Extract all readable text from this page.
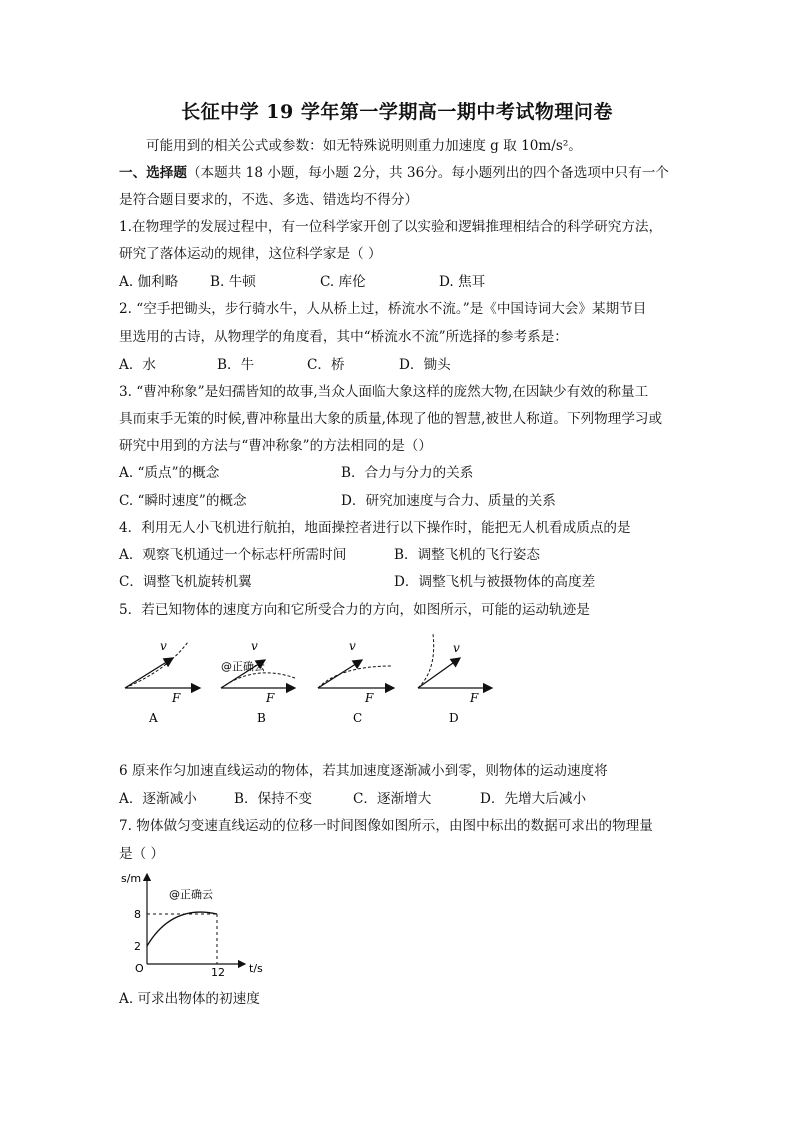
长征中学 19 学年第一学期高一期中考试物理问卷
可能用到的相关公式或参数：如无特殊说明则重力加速度 g 取 10m/s²。
一、选择题（本题共 18 小题，每小题 2分，共 36分。每小题列出的四个备选项中只有一个
是符合题目要求的，不选、多选、错选均不得分）
1.在物理学的发展过程中，有一位科学家开创了以实验和逻辑推理相结合的科学研究方法，
研究了落体运动的规律，这位科学家是（ ）
A. 伽利略 B. 牛顿	C. 库伦	D. 焦耳
2. “空手把锄头，步行骑水牛，人从桥上过，桥流水不流。”是《中国诗词大会》某期节目
里选用的古诗，从物理学的角度看，其中“桥流水不流”所选择的参考系是：
A．水	B．牛	C．桥	D．锄头
3. “曹冲称象”是妇孺皆知的故事,当众人面临大象这样的庞然大物,在因缺少有效的称量工
具而束手无策的时候,曹冲称量出大象的质量,体现了他的智慧,被世人称道。下列物理学习或
研究中用到的方法与“曹冲称象”的方法相同的是（）
A. “质点”的概念	B．合力与分力的关系
C. “瞬时速度”的概念	D．研究加速度与合力、质量的关系
4．利用无人小飞机进行航拍，地面操控者进行以下操作时，能把无人机看成质点的是
A．观察飞机通过一个标志杆所需时间	B．调整飞机的飞行姿态
C．调整飞机旋转机翼	D．调整飞机与被摄物体的高度差
5．若已知物体的速度方向和它所受合力的方向，如图所示，可能的运动轨迹是
v
F
A
v
@正确云
F
B
v
F
C
v
F
D
6 原来作匀加速直线运动的物体，若其加速度逐渐减小到零，则物体的运动速度将
A．逐渐减小	B．保持不变	C．逐渐增大	D．先增大后减小
7. 物体做匀变速直线运动的位移一时间图像如图所示，由图中标出的数据可求出的物理量
是（ ）
s/m
t/s
8
2
12
O
@正确云
A. 可求出物体的初速度
